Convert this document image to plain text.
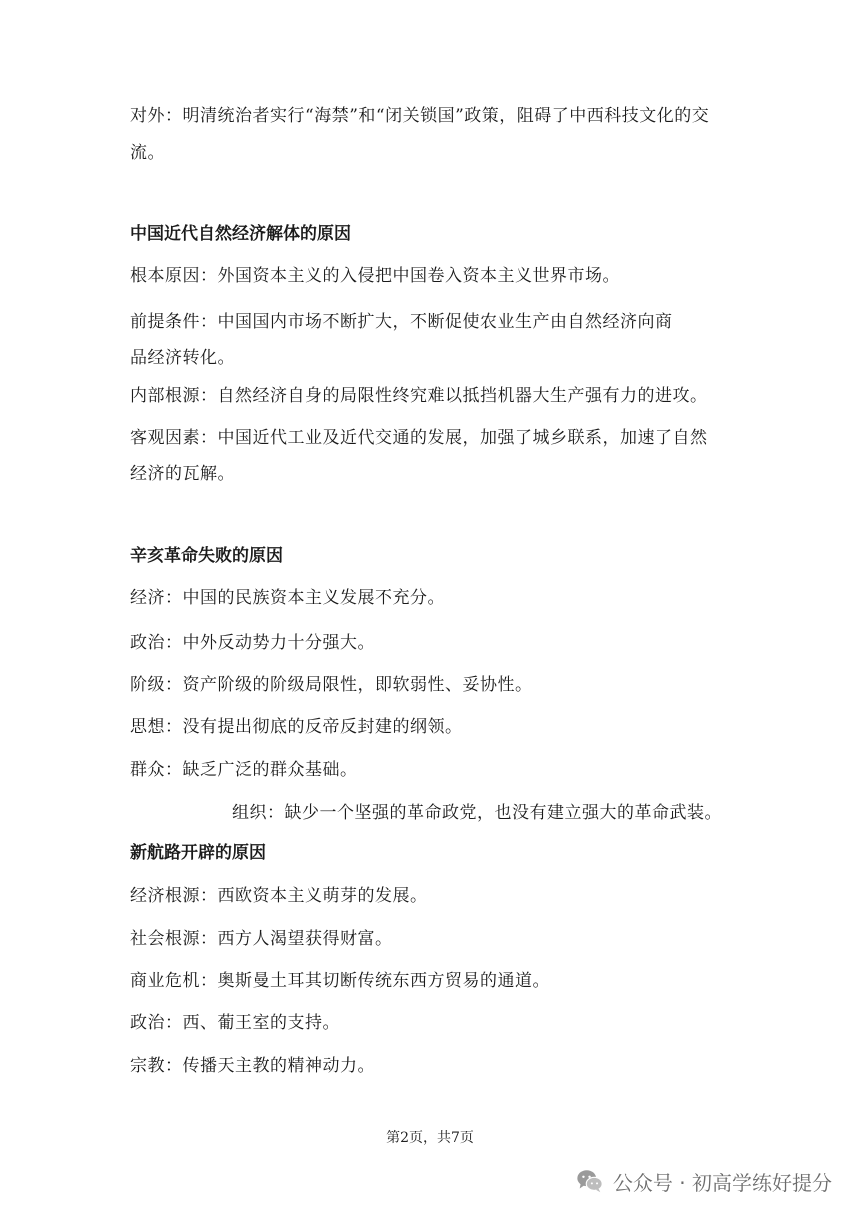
对外：明清统治者实行“海禁”和“闭关锁国”政策，阻碍了中西科技文化的交

流。

中国近代自然经济解体的原因

根本原因：外国资本主义的入侵把中国卷入资本主义世界市场。

前提条件：中国国内市场不断扩大，不断促使农业生产由自然经济向商

品经济转化。

内部根源：自然经济自身的局限性终究难以抵挡机器大生产强有力的进攻。

客观因素：中国近代工业及近代交通的发展，加强了城乡联系，加速了自然

经济的瓦解。

辛亥革命失败的原因

经济：中国的民族资本主义发展不充分。

政治：中外反动势力十分强大。

阶级：资产阶级的阶级局限性，即软弱性、妥协性。

思想：没有提出彻底的反帝反封建的纲领。

群众：缺乏广泛的群众基础。

组织：缺少一个坚强的革命政党，也没有建立强大的革命武装。

新航路开辟的原因

经济根源：西欧资本主义萌芽的发展。

社会根源：西方人渴望获得财富。

商业危机：奥斯曼土耳其切断传统东西方贸易的通道。

政治：西、葡王室的支持。

宗教：传播天主教的精神动力。

第2页，共7页
公众号 · 初高学练好提分
